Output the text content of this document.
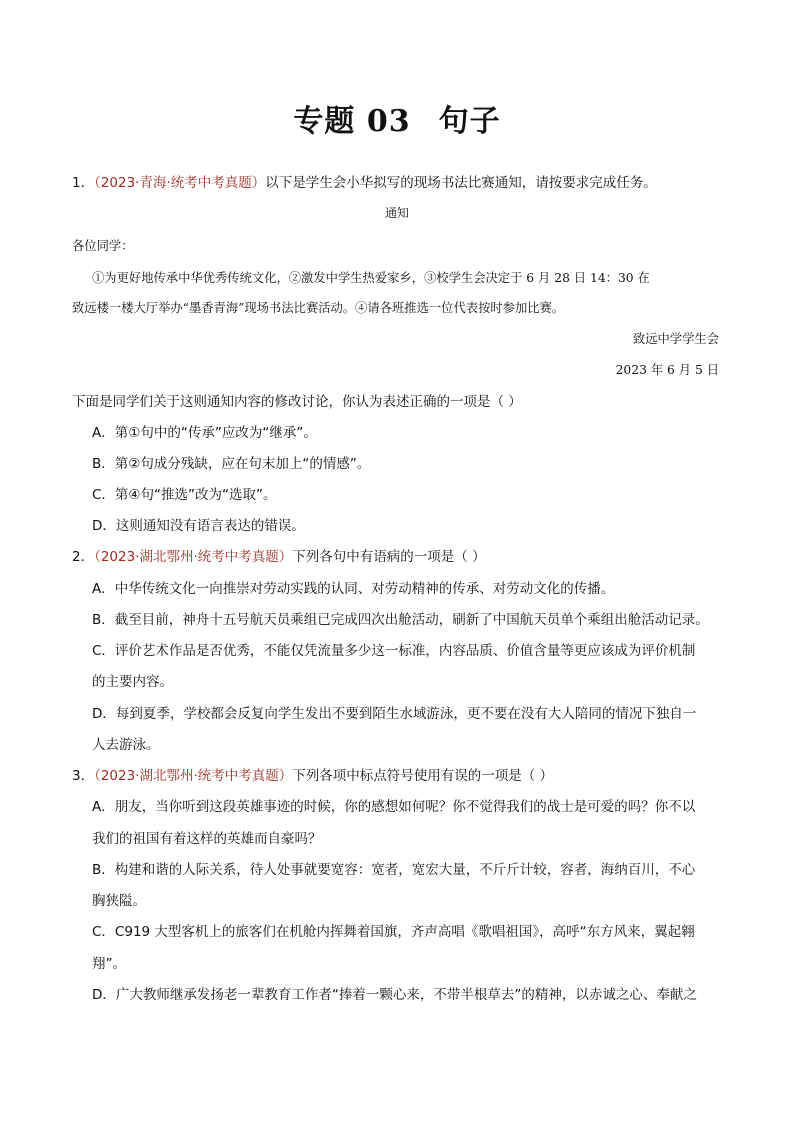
专题 03 句子
1．（2023·青海·统考中考真题）以下是学生会小华拟写的现场书法比赛通知，请按要求完成任务。
通知
各位同学：
①为更好地传承中华优秀传统文化，②激发中学生热爱家乡，③校学生会决定于 6 月 28 日 14：30 在
致远楼一楼大厅举办“墨香青海”现场书法比赛活动。④请各班推选一位代表按时参加比赛。
致远中学学生会
2023 年 6 月 5 日
下面是同学们关于这则通知内容的修改讨论，你认为表述正确的一项是（ ）
A．第①句中的“传承”应改为“继承”。
B．第②句成分残缺，应在句末加上“的情感”。
C．第④句“推选”改为“选取”。
D．这则通知没有语言表达的错误。
2．（2023·湖北鄂州·统考中考真题）下列各句中有语病的一项是（ ）
A．中华传统文化一向推崇对劳动实践的认同、对劳动精神的传承、对劳动文化的传播。
B．截至目前，神舟十五号航天员乘组已完成四次出舱活动，刷新了中国航天员单个乘组出舱活动记录。
C．评价艺术作品是否优秀，不能仅凭流量多少这一标准，内容品质、价值含量等更应该成为评价机制
的主要内容。
D．每到夏季，学校都会反复向学生发出不要到陌生水域游泳，更不要在没有大人陪同的情况下独自一
人去游泳。
3．（2023·湖北鄂州·统考中考真题）下列各项中标点符号使用有误的一项是（ ）
A．朋友，当你听到这段英雄事迹的时候，你的感想如何呢？你不觉得我们的战士是可爱的吗？你不以
我们的祖国有着这样的英雄而自豪吗？
B．构建和谐的人际关系，待人处事就要宽容：宽者，宽宏大量，不斤斤计较，容者，海纳百川，不心
胸狭隘。
C．C919 大型客机上的旅客们在机舱内挥舞着国旗，齐声高唱《歌唱祖国》，高呼“东方风来，翼起翱
翔”。
D．广大教师继承发扬老一辈教育工作者“捧着一颗心来，不带半根草去”的精神，以赤诚之心、奉献之
